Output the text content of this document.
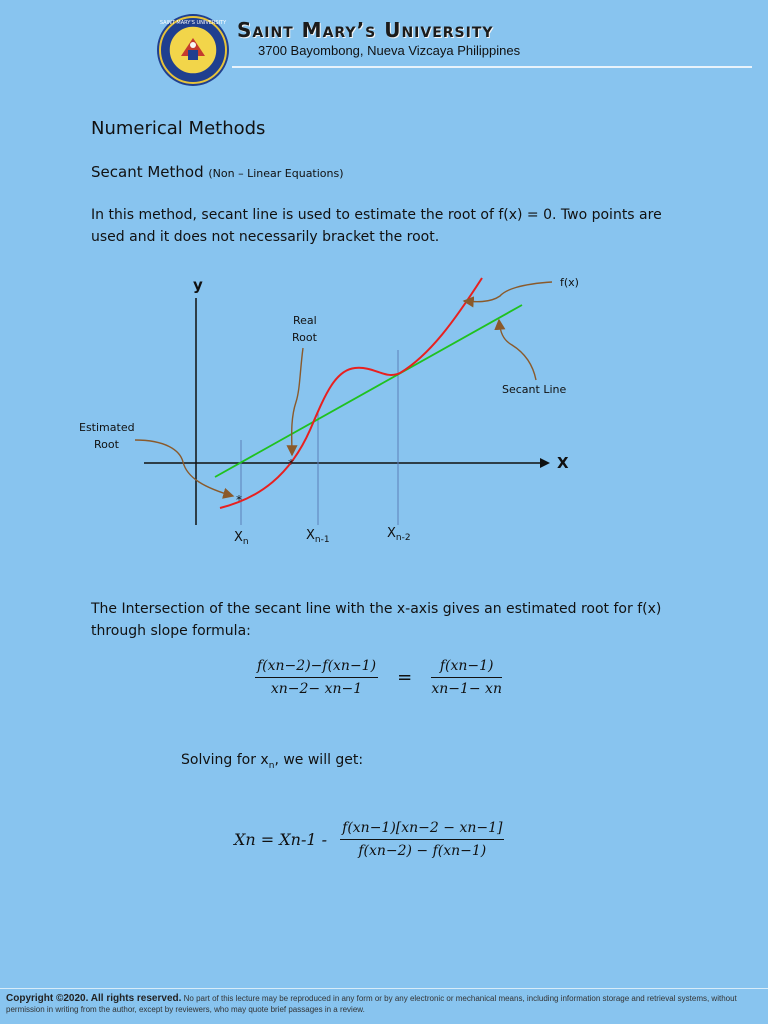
SAINT MARY'S UNIVERSITY Saint Mary’s University
3700 Bayombong, Nueva Vizcaya Philippines
Numerical Methods
Secant Method (Non – Linear Equations)
In this method, secant line is used to estimate the root of f(x) = 0. Two points are used and it does not necessarily bracket the root.
*
*
y
X
f(x)
Real
Root
Secant Line
Estimated
Root
$X_n$	$X_{n-1}$	$X_{n-2}$
The Intersection of the secant line with the x-axis gives an estimated root for f(x) through slope formula:
$\frac{f(xn-2)-f(xn-1)}{xn-2- xn-1} = \frac{f(xn-1)}{xn-1- xn}$
Solving for $x_n$, we will get:
$Xn = Xn-1 - \frac{f(xn-1)[xn-2 - xn-1]}{f(xn-2) - f(xn-1)}$
Copyright ©2020. All rights reserved. No part of this lecture may be reproduced in any form or by any electronic or mechanical means, including information storage and retrieval systems, without permission in writing from the author, except by reviewers, who may quote brief passages in a review.
